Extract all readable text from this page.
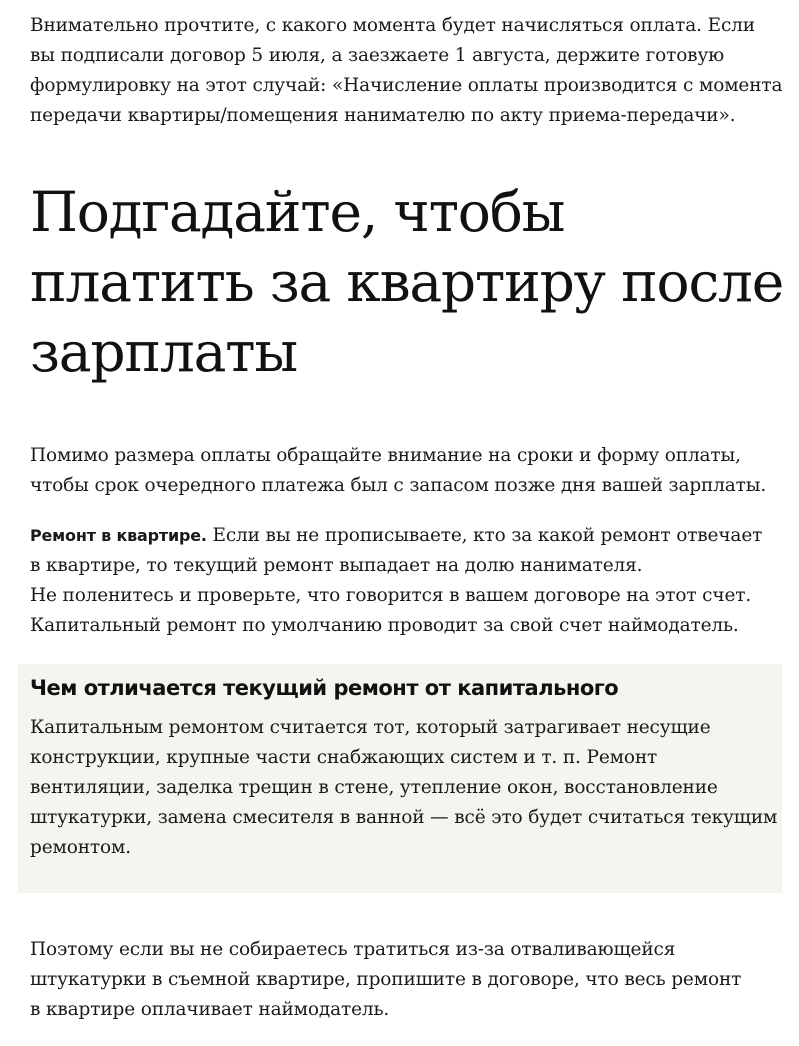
Внимательно прочтите, с какого момента будет начисляться оплата. Если
вы подписали договор 5 июля, а заезжаете 1 августа, держите готовую
формулировку на этот случай: «Начисление оплаты производится с момента
передачи квартиры/помещения нанимателю по акту приема-передачи».

Подгадайте, чтобы
платить за квартиру после
зарплаты

Помимо размера оплаты обращайте внимание на сроки и форму оплаты,
чтобы срок очередного платежа был с запасом позже дня вашей зарплаты.

Ремонт в квартире. Если вы не прописываете, кто за какой ремонт отвечает
в квартире, то текущий ремонт выпадает на долю нанимателя.
Не поленитесь и проверьте, что говорится в вашем договоре на этот счет.
Капитальный ремонт по умолчанию проводит за свой счет наймодатель.

Чем отличается текущий ремонт от капитального

Капитальным ремонтом считается тот, который затрагивает несущие
конструкции, крупные части снабжающих систем и т. п. Ремонт
вентиляции, заделка трещин в стене, утепление окон, восстановление
штукатурки, замена смесителя в ванной — всё это будет считаться текущим
ремонтом.

Поэтому если вы не собираетесь тратиться из-за отваливающейся
штукатурки в съемной квартире, пропишите в договоре, что весь ремонт
в квартире оплачивает наймодатель.
